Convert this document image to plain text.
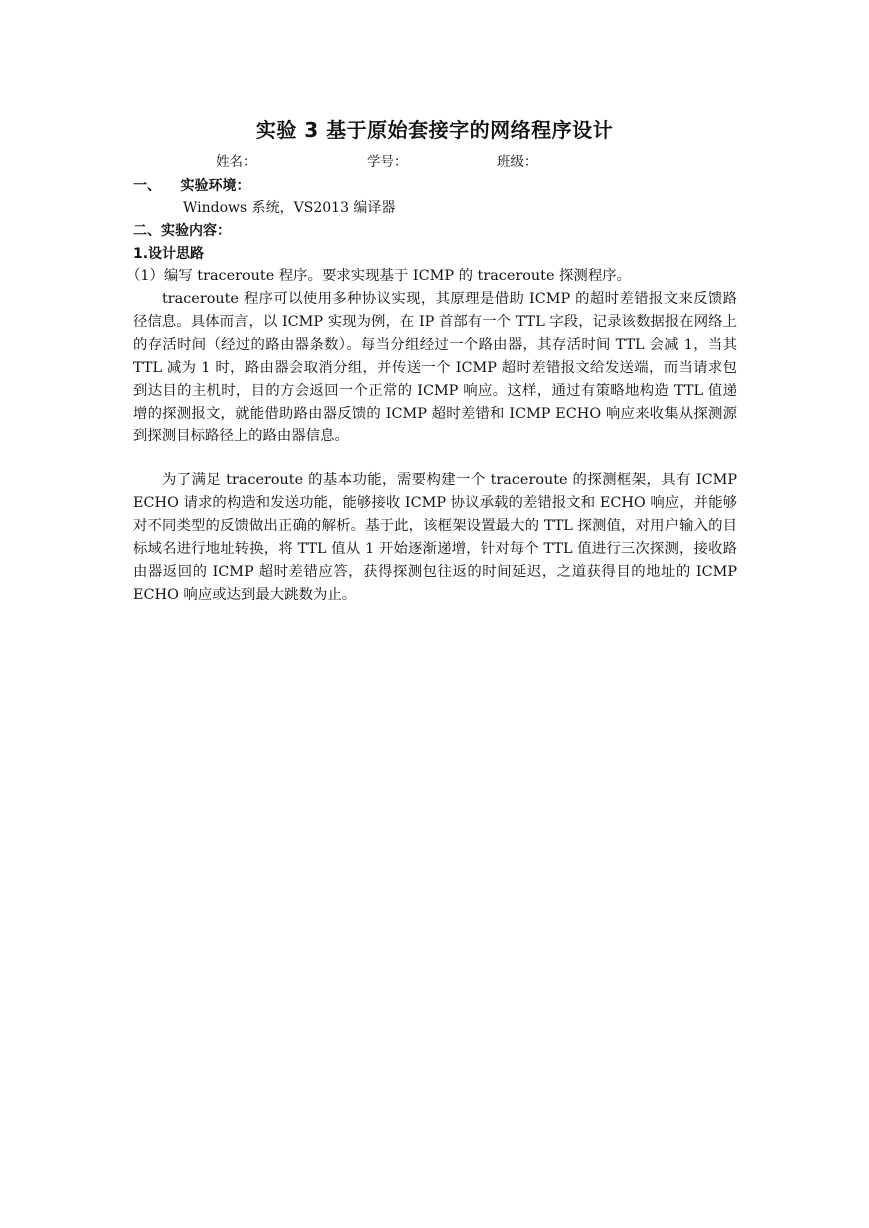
实验 3 基于原始套接字的网络程序设计
姓名：	学号：	班级：
一、    实验环境：
Windows 系统，VS2013 编译器
二、实验内容：
1.设计思路

（1）编写 traceroute 程序。要求实现基于 ICMP 的 traceroute 探测程序。

traceroute 程序可以使用多种协议实现，其原理是借助 ICMP 的超时差错报文来反馈路径信息。具体而言，以 ICMP 实现为例，在 IP 首部有一个 TTL 字段，记录该数据报在网络上的存活时间（经过的路由器条数）。每当分组经过一个路由器，其存活时间 TTL 会减 1，当其 TTL 减为 1 时，路由器会取消分组，并传送一个 ICMP 超时差错报文给发送端，而当请求包到达目的主机时，目的方会返回一个正常的 ICMP 响应。这样，通过有策略地构造 TTL 值递增的探测报文，就能借助路由器反馈的 ICMP 超时差错和 ICMP ECHO 响应来收集从探测源到探测目标路径上的路由器信息。

为了满足 traceroute 的基本功能，需要构建一个 traceroute 的探测框架，具有 ICMP ECHO 请求的构造和发送功能，能够接收 ICMP 协议承载的差错报文和 ECHO 响应，并能够对不同类型的反馈做出正确的解析。基于此，该框架设置最大的 TTL 探测值，对用户输入的目标域名进行地址转换，将 TTL 值从 1 开始逐渐递增，针对每个 TTL 值进行三次探测，接收路由器返回的 ICMP 超时差错应答，获得探测包往返的时间延迟，之道获得目的地址的 ICMP ECHO 响应或达到最大跳数为止。
